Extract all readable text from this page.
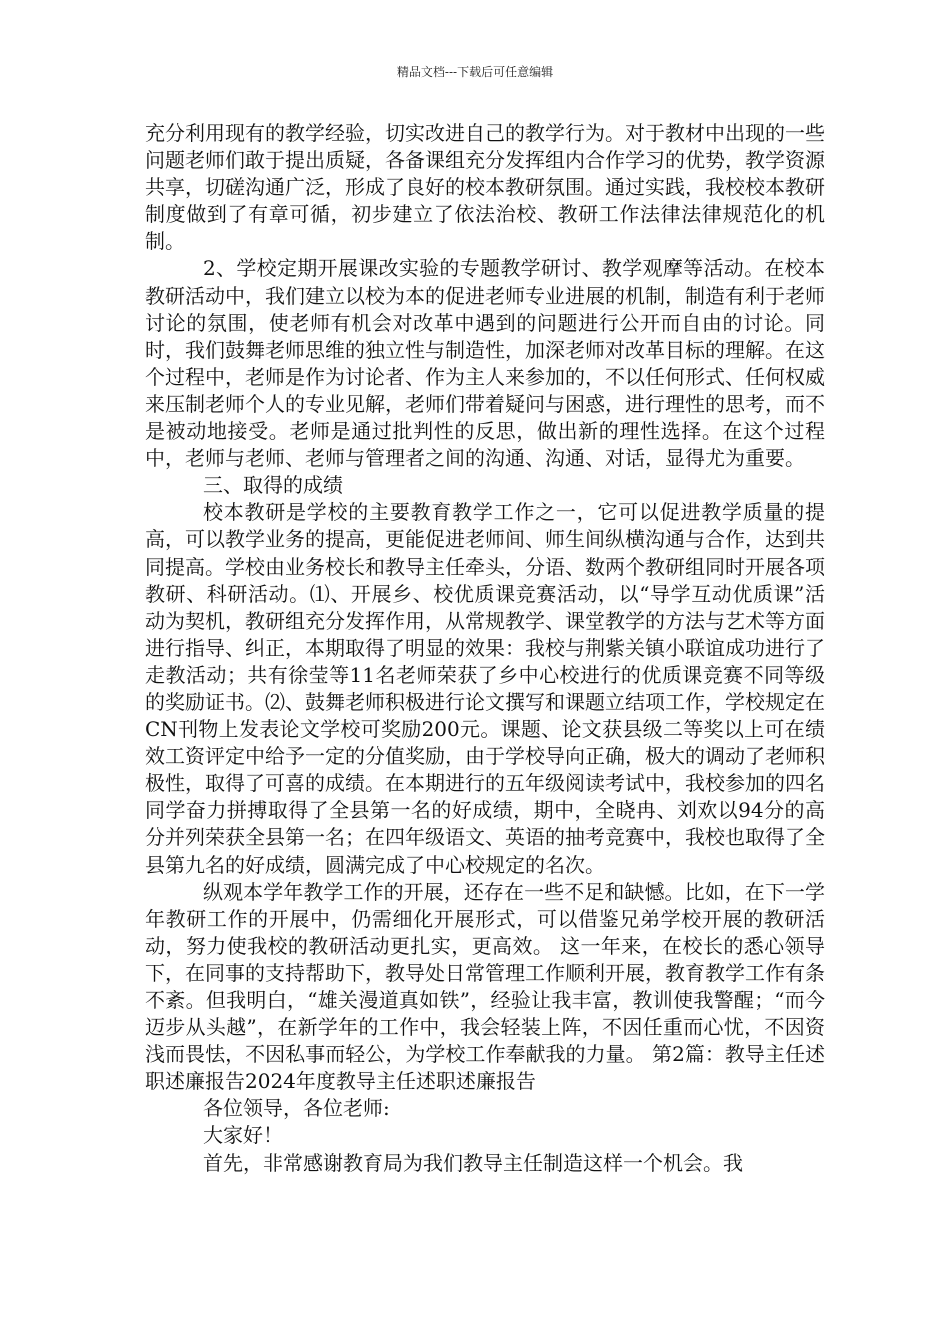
精品文档---下载后可任意编辑

充分利用现有的教学经验，切实改进自己的教学行为。对于教材中出现的一些问题老师们敢于提出质疑，各备课组充分发挥组内合作学习的优势，教学资源共享，切磋沟通广泛，形成了良好的校本教研氛围。通过实践，我校校本教研制度做到了有章可循，初步建立了依法治校、教研工作法律法律规范化的机制。

2、学校定期开展课改实验的专题教学研讨、教学观摩等活动。在校本教研活动中，我们建立以校为本的促进老师专业进展的机制，制造有利于老师讨论的氛围，使老师有机会对改革中遇到的问题进行公开而自由的讨论。同时，我们鼓舞老师思维的独立性与制造性，加深老师对改革目标的理解。在这个过程中，老师是作为讨论者、作为主人来参加的，不以任何形式、任何权威来压制老师个人的专业见解，老师们带着疑问与困惑，进行理性的思考，而不是被动地接受。老师是通过批判性的反思，做出新的理性选择。在这个过程中，老师与老师、老师与管理者之间的沟通、沟通、对话，显得尤为重要。

三、取得的成绩

校本教研是学校的主要教育教学工作之一，它可以促进教学质量的提高，可以教学业务的提高，更能促进老师间、师生间纵横沟通与合作，达到共同提高。学校由业务校长和教导主任牵头，分语、数两个教研组同时开展各项教研、科研活动。⑴、开展乡、校优质课竞赛活动，以“导学互动优质课”活动为契机，教研组充分发挥作用，从常规教学、课堂教学的方法与艺术等方面进行指导、纠正，本期取得了明显的效果：我校与荆紫关镇小联谊成功进行了走教活动；共有徐莹等11名老师荣获了乡中心校进行的优质课竞赛不同等级的奖励证书。⑵、鼓舞老师积极进行论文撰写和课题立结项工作，学校规定在CN刊物上发表论文学校可奖励200元。课题、论文获县级二等奖以上可在绩效工资评定中给予一定的分值奖励，由于学校导向正确，极大的调动了老师积极性，取得了可喜的成绩。在本期进行的五年级阅读考试中，我校参加的四名同学奋力拼搏取得了全县第一名的好成绩，期中，全晓冉、刘欢以94分的高分并列荣获全县第一名；在四年级语文、英语的抽考竞赛中，我校也取得了全县第九名的好成绩，圆满完成了中心校规定的名次。

纵观本学年教学工作的开展，还存在一些不足和缺憾。比如，在下一学年教研工作的开展中，仍需细化开展形式，可以借鉴兄弟学校开展的教研活动，努力使我校的教研活动更扎实，更高效。 这一年来，在校长的悉心领导下，在同事的支持帮助下，教导处日常管理工作顺利开展，教育教学工作有条不紊。但我明白，“雄关漫道真如铁”，经验让我丰富，教训使我警醒；“而今迈步从头越”，在新学年的工作中，我会轻装上阵，不因任重而心忧，不因资浅而畏怯，不因私事而轻公，为学校工作奉献我的力量。 第2篇：教导主任述职述廉报告2024年度教导主任述职述廉报告

各位领导，各位老师:

大家好！

首先，非常感谢教育局为我们教导主任制造这样一个机会。我
